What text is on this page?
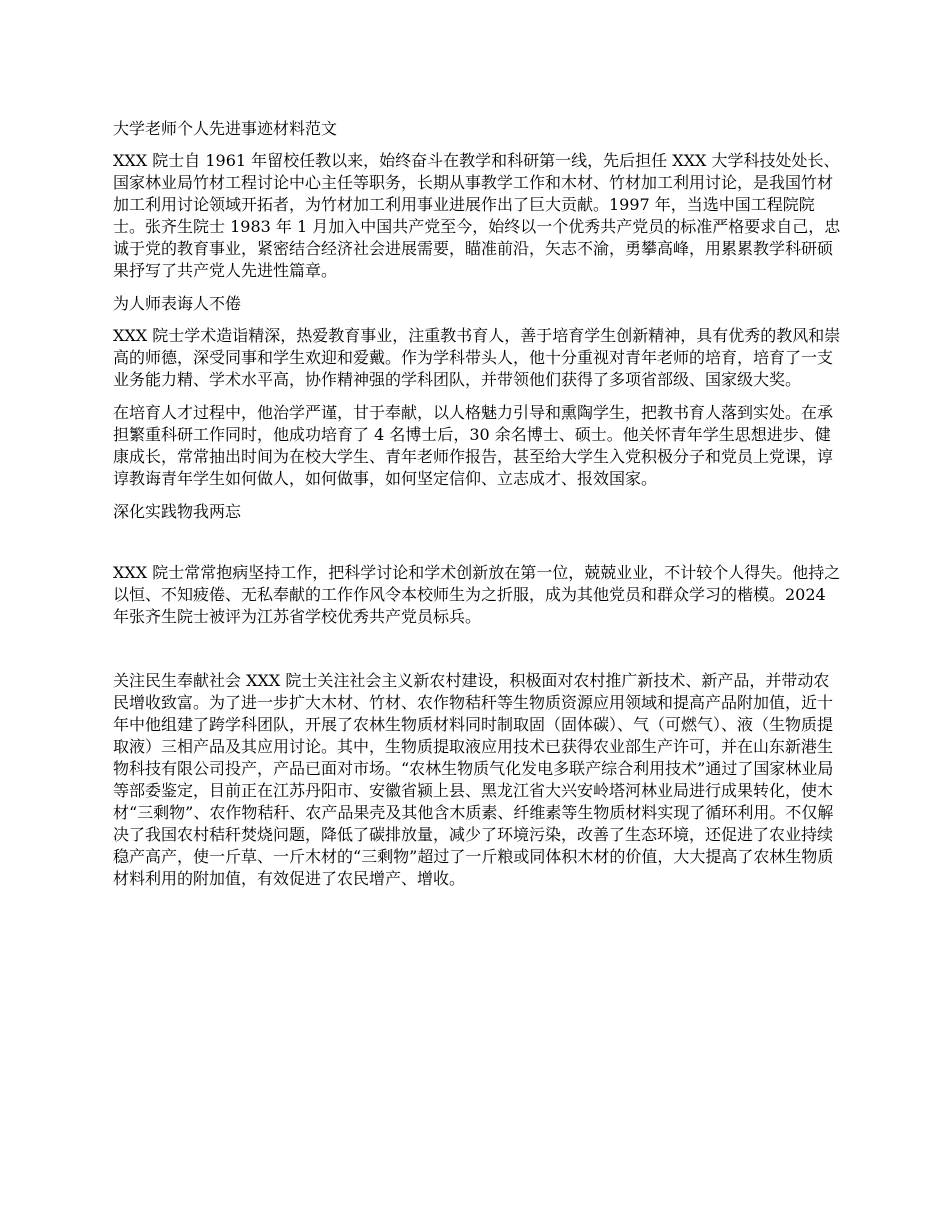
大学老师个人先进事迹材料范文

XXX 院士自 1961 年留校任教以来，始终奋斗在教学和科研第一线，先后担任 XXX 大学科技处处长、国家林业局竹材工程讨论中心主任等职务，长期从事教学工作和木材、竹材加工利用讨论，是我国竹材加工利用讨论领域开拓者，为竹材加工利用事业进展作出了巨大贡献。1997 年，当选中国工程院院士。张齐生院士 1983 年 1 月加入中国共产党至今，始终以一个优秀共产党员的标准严格要求自己，忠诚于党的教育事业，紧密结合经济社会进展需要，瞄准前沿，矢志不渝，勇攀高峰，用累累教学科研硕果抒写了共产党人先进性篇章。

为人师表诲人不倦

XXX 院士学术造诣精深，热爱教育事业，注重教书育人，善于培育学生创新精神，具有优秀的教风和崇高的师德，深受同事和学生欢迎和爱戴。作为学科带头人，他十分重视对青年老师的培育，培育了一支业务能力精、学术水平高，协作精神强的学科团队，并带领他们获得了多项省部级、国家级大奖。

在培育人才过程中，他治学严谨，甘于奉献，以人格魅力引导和熏陶学生，把教书育人落到实处。在承担繁重科研工作同时，他成功培育了 4 名博士后，30 余名博士、硕士。他关怀青年学生思想进步、健康成长，常常抽出时间为在校大学生、青年老师作报告，甚至给大学生入党积极分子和党员上党课，谆谆教诲青年学生如何做人，如何做事，如何坚定信仰、立志成才、报效国家。

深化实践物我两忘

XXX 院士常常抱病坚持工作，把科学讨论和学术创新放在第一位，兢兢业业，不计较个人得失。他持之以恒、不知疲倦、无私奉献的工作作风令本校师生为之折服，成为其他党员和群众学习的楷模。2024 年张齐生院士被评为江苏省学校优秀共产党员标兵。

关注民生奉献社会 XXX 院士关注社会主义新农村建设，积极面对农村推广新技术、新产品，并带动农民增收致富。为了进一步扩大木材、竹材、农作物秸秆等生物质资源应用领域和提高产品附加值，近十年中他组建了跨学科团队，开展了农林生物质材料同时制取固（固体碳）、气（可燃气）、液（生物质提取液）三相产品及其应用讨论。其中，生物质提取液应用技术已获得农业部生产许可，并在山东新港生物科技有限公司投产，产品已面对市场。“农林生物质气化发电多联产综合利用技术”通过了国家林业局等部委鉴定，目前正在江苏丹阳市、安徽省颍上县、黑龙江省大兴安岭塔河林业局进行成果转化，使木材“三剩物”、农作物秸秆、农产品果壳及其他含木质素、纤维素等生物质材料实现了循环利用。不仅解决了我国农村秸秆焚烧问题，降低了碳排放量，减少了环境污染，改善了生态环境，还促进了农业持续稳产高产，使一斤草、一斤木材的“三剩物”超过了一斤粮或同体积木材的价值，大大提高了农林生物质材料利用的附加值，有效促进了农民增产、增收。
